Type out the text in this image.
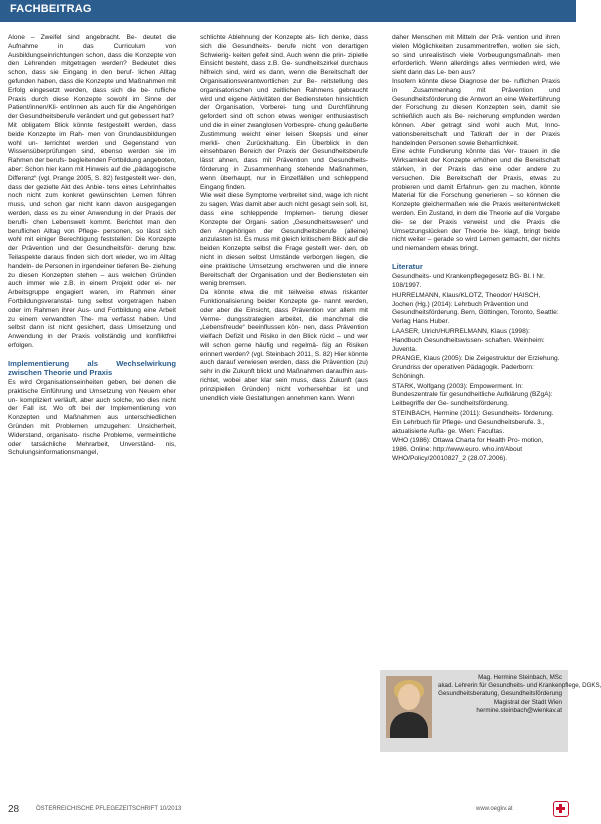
FACHBEITRAG

Alone – Zweifel sind angebracht. Be- deutet die Aufnahme in das Curriculum von Ausbildungseinrichtungen schon, dass die Konzepte von den Lehrenden mitgetragen werden? Bedeutet dies schon, dass sie Eingang in den beruf- lichen Alltag gefunden haben, dass die Konzepte und Maßnahmen mit Erfolg eingesetzt werden, dass sich die be- rufliche Praxis durch diese Konzepte sowohl im Sinne der Patient/innen/Kli- ent/innen als auch für die Angehörigen der Gesundheitsberufe verändert und gut gebessert hat?

Mit obligatem Blick könnte festgestellt werden, dass beide Konzepte im Rah- men von Grundausbildungen wohl un- terrichtet werden und Gegenstand von Wissensüberprüfungen sind, ebenso werden sie im Rahmen der berufs- begleitenden Fortbildung angeboten, aber: Schon hier kann mit Hinweis auf die „pädagogische Differenz“ (vgl. Prange 2005, S. 82) festgestellt wer- den, dass der gezielte Akt des Anbie- tens eines Lehrinhaltes noch nicht zum konkret gewünschten Lernen führen muss, und schon gar nicht kann davon ausgegangen werden, dass es zu einer Anwendung in der Praxis der berufli- chen Lebenswelt kommt. Berichtet man den beruflichen Alltag von Pflege- personen, so lässt sich wohl mit einiger Berechtigung feststellen: Die Konzepte der Prävention und der Gesundheitsför- derung bzw. Teilaspekte daraus finden sich dort wieder, wo im Alltag handeln- de Personen in irgendeiner tieferen Be- ziehung zu diesen Konzepten stehen – aus welchen Gründen auch immer wie z.B. in einem Projekt oder ei- ner Arbeitsgruppe engagiert waren, im Rahmen einer Fortbildungsveranstal- tung selbst vorgetragen haben oder im Rahmen ihrer Aus- und Fortbildung eine Arbeit zu einem verwandten The- ma verfasst haben. Und selbst dann ist nicht gesichert, dass Umsetzung und Anwendung in der Praxis vollständig und konfliktfrei erfolgen.

Implementierung als Wechselwirkung zwischen Theorie und Praxis

Es wird Organisationseinheiten geben, bei denen die praktische Einführung und Umsetzung von Neuem eher un- kompliziert verläuft, aber auch solche, wo dies nicht der Fall ist. Wo oft bei der Implementierung von Konzepten und Maßnahmen aus unterschiedlichen Gründen mit Problemen umzugehen: Unsicherheit, Widerstand, organisato- rische Probleme, vermeintliche oder tatsächliche Mehrarbeit, Unverständ- nis, Schulungsinformationsmangel,

schlichte Ablehnung der Konzepte als- lich denke, dass sich die Gesundheits- berufe nicht von derartigen Schwierig- keiten gefeit sind. Auch wenn die prin- zipielle Einsicht besteht, dass z.B. Ge- sundheitszirkel durchaus hilfreich sind, wird es dann, wenn die Bereitschaft der Organisationsverantwortlichen zur Be- reitstellung des organisatorischen und zeitlichen Rahmens gebraucht wird und eigene Aktivitäten der Bediensteten hinsichtlich der Organisation, Vorberei- tung und Durchführung gefordert sind oft schon etwas weniger enthusiastisch und die in einer zwanglosen Vorbespre- chung geäußerte Zustimmung weicht einer leisen Skepsis und einer merkli- chen Zurückhaltung. Ein Überblick in den einsehbaren Bereich der Praxis der Gesundheitsberufe lässt ahnen, dass mit Prävention und Gesundheits- förderung in Zusammenhang stehende Maßnahmen, wenn überhaupt, nur in Einzelfällen und schleppend Eingang finden.

Wie weit diese Symptome verbreitet sind, wage ich nicht zu sagen. Was damit aber auch nicht gesagt sein soll, ist, dass eine schleppende Implemen- tierung dieser Konzepte der Organi- sation „Gesundheitswesen“ und den Angehörigen der Gesundheitsberufe (alleine) anzulasten ist. Es muss mit gleich kritischem Blick auf die beiden Konzepte selbst die Frage gestellt wer- den, ob nicht in diesen selbst Umstände verborgen liegen, die eine praktische Umsetzung erschweren und die innere Bereitschaft der Organisation und der Bediensteten ein wenig bremsen.

Da könnte etwa die mit teilweise etwas riskanter Funktionalisierung beider Konzepte ge- nannt werden, oder aber die Einsicht, dass Prävention vor allem mit Verme- dungsstrategien arbeitet, die manchmal die „Lebensfreude“ beeinflussen kön- nen, dass Prävention vielfach Defizit und Risiko in den Blick rückt – und wer will schon gerne häufig und regelmä- ßig an Risiken erinnert werden? (vgl. Steinbach 2011, S. 82) Hier könnte auch darauf verwiesen werden, dass die Prävention (zu) sehr in die Zukunft blickt und Maßnahmen daraufhin aus- richtet, wobei aber klar sein muss, dass Zukunft (aus prinzipiellen Gründen) nicht vorhersehbar ist und unendlich viele Gestaltungen annehmen kann. Wenn

daher Menschen mit Mitteln der Prä- vention und ihren vielen Möglichkeiten zusammentreffen, wollen sie sich, so sind unrealistisch viele Vorbeugungsmaßnah- men erforderlich. Wenn allerdings alles vermieden wird, wie sieht dann das Le- ben aus?

Insofern könnte diese Diagnose der be- ruflichen Praxis in Zusammenhang mit Prävention und Gesundheitsförderung die Antwort an eine Weiterführung der Forschung zu diesen Konzepten sein, damit sie schließlich auch als Be- reicherung empfunden werden können. Aber getragt sind wohl auch Mut, Inno- vationsbereitschaft und Tatkraft der in der Praxis handelnden Personen sowie Beharrlichkeit.

Eine echte Fundierung könnte das Ver- trauen in die Wirksamkeit der Konzepte erhöhen und die Bereitschaft stärken, in der Praxis das eine oder andere zu versuchen. Die Bereitschaft der Praxis, etwas zu probieren und damit Erfahrun- gen zu machen, könnte Material für die Forschung generieren – so können die Konzepte gleichermaßen wie die Praxis weiterentwickelt werden. Ein Zustand, in dem die Theorie auf die Vorgabe die- se der Praxis verweist und die Praxis die Umsetzungslücken der Theorie be- klagt, bringt beide nicht weiter – gerade so wird Lernen gemacht, der nichts und niemandem etwas bringt.

Literatur

Gesundheits- und Krankenpflegegesetz BG- Bl. I Nr. 108/1997.

HURRELMANN, Klaus/KLOTZ, Theodor/ HAISCH, Jochen (Hg.) (2014): Lehrbuch Prävention und Gesundheitsförderung. Bern, Göttingen, Toronto, Seattle: Verlag Hans Huber.

LAASER, Ulrich/HURRELMANN, Klaus (1998): Handbuch Gesundheitswissen- schaften. Weinheim: Juventa.

PRANGE, Klaus (2005): Die Zeigestruktur der Erziehung. Grundriss der operativen Pädagogik. Paderborn: Schöningh.

STARK, Wolfgang (2003): Empowerment. In: Bundeszentrale für gesundheitliche Aufklärung (BZgA): Leitbegriffe der Ge- sundheitsförderung.

STEINBACH, Hermine (2011): Gesundheits- förderung. Ein Lehrbuch für Pflege- und Gesundheitsberufe. 3., aktualisierte Aufla- ge. Wien: Facultas.

WHO (1986): Ottawa Charta for Health Pro- motion, 1986. Online: http://www.euro. who.int/About WHO/Policy/20010827_2 (28.07.2006).

Mag. Hermine Steinbach, MSc
akad. Lehrerin für Gesundheits- und Krankenpflege, DGKS,
Gesundheitsberatung, Gesundheitsförderung
Magistrat der Stadt Wien
hermine.steinbach@wienkav.at
28	ÖSTERREICHISCHE PFLEGEZEITSCHRIFT 10/2013	www.oegkv.at
